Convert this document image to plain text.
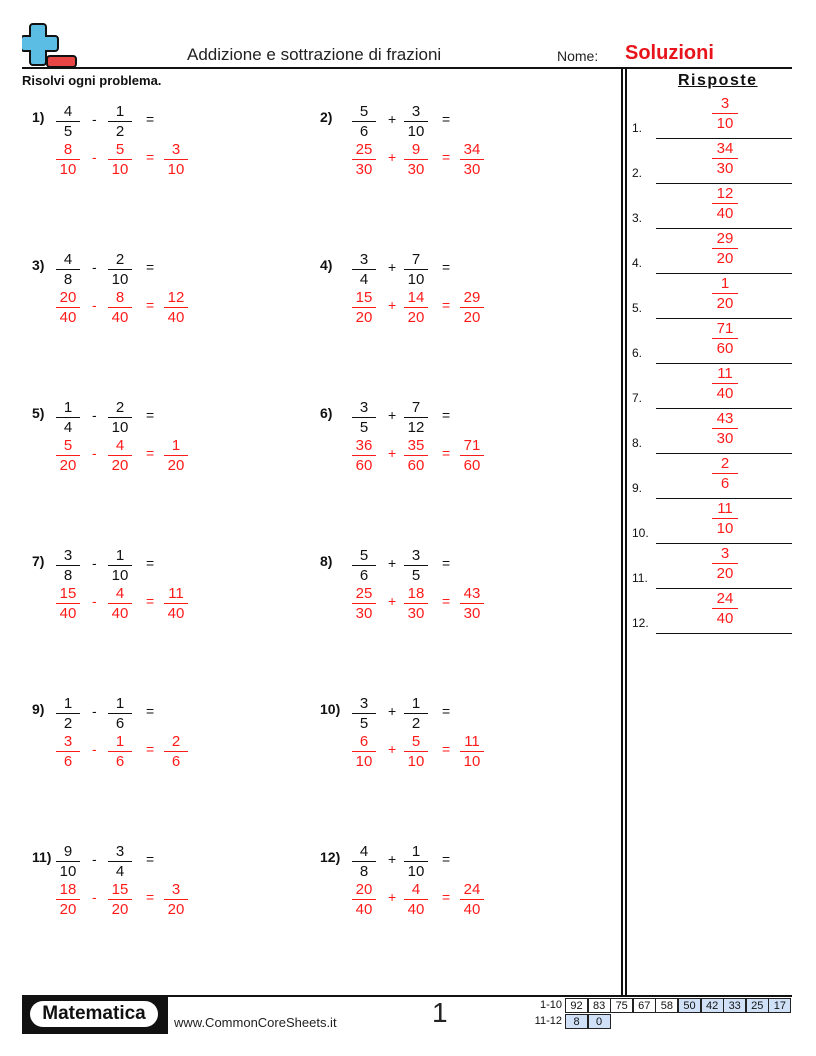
Addizione e sottrazione di frazioni	Nome: Soluzioni
Risolvi ogni problema.	Risposte
1) 4
5
- 1
2
=
8
10
- 5
10
= 3
10
2) 5
6
+ 3
10
=
25
30
+ 9
30
= 34
30
3) 4
8
- 2
10
=
20
40
- 8
40
= 12
40
4) 3
4
+ 7
10
=
15
20
+ 14
20
= 29
20
5) 1
4
- 2
10
=
5
20
- 4
20
= 1
20
6) 3
5
+ 7
12
=
36
60
+ 35
60
= 71
60
7) 3
8
- 1
10
=
15
40
- 4
40
= 11
40
8) 5
6
+ 3
5
=
25
30
+ 18
30
= 43
30
9) 1
2
- 1
6
=
3
6
- 1
6
= 2
6
10) 3
5
+ 1
2
=
6
10
+ 5
10
= 11
10
11) 9
10
- 3
4
=
18
20
- 15
20
= 3
20
12) 4
8
+ 1
10
=
20
40
+ 4
40
= 24
40
1.
3
10
2.
34
30
3.
12
40
4.
29
20
5.
1
20
6.
71
60
7.
11
40
8.
43
30
9.
2
6
10.
11
10
11.
3
20
12.
24
40
Matematica	www.CommonCoreSheets.it	1	1-10 92 83 75 67 58 50 42 33 25 17
11-12	8	0
